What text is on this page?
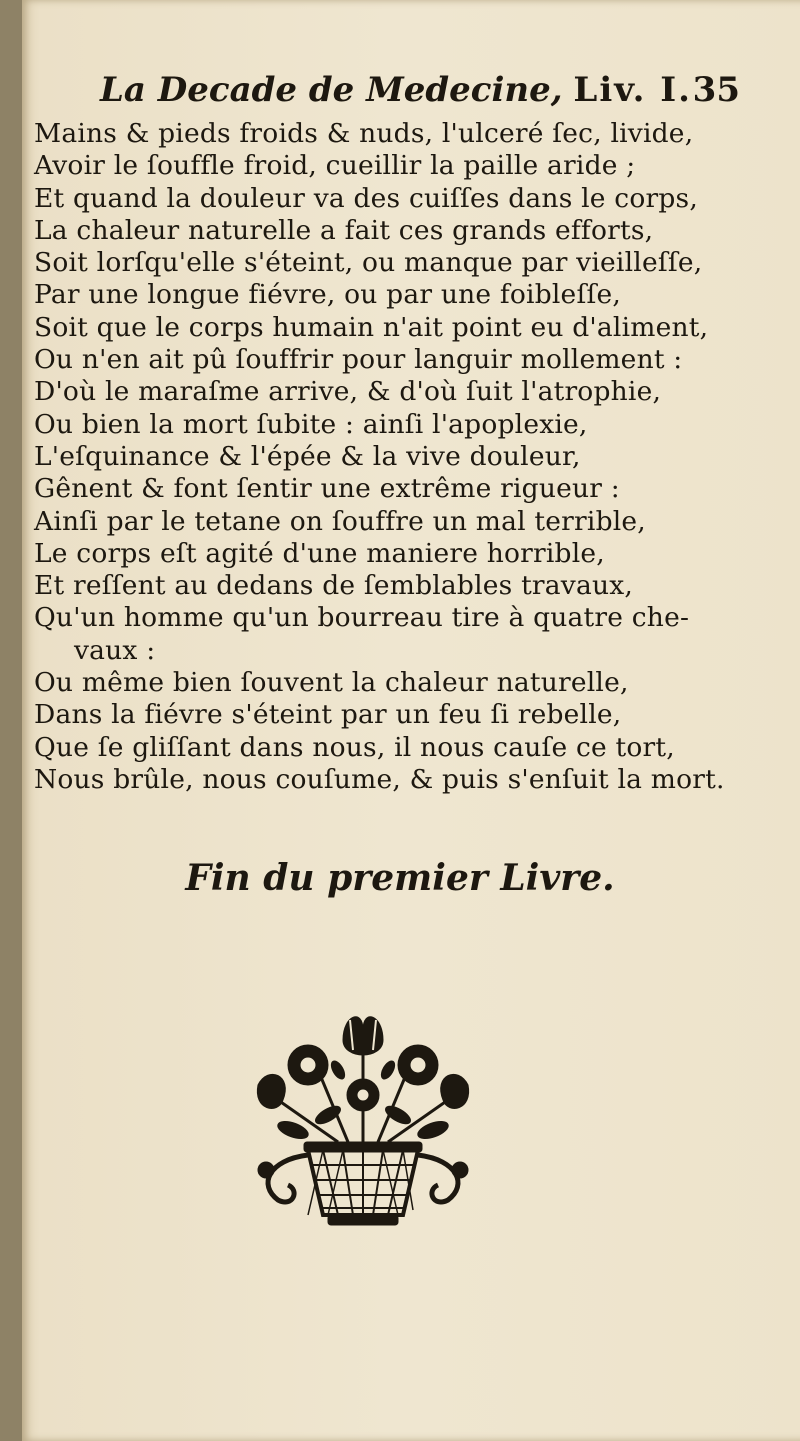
La Decade de Medecine, Liv. I. 35
Mains & pieds froids & nuds, l'ulceré ſec, livide,
Avoir le ſouffle froid, cueillir la paille aride ;
Et quand la douleur va des cuiſſes dans le corps,
La chaleur naturelle a fait ces grands efforts,
Soit lorſqu'elle s'éteint, ou manque par vieilleſſe,
Par une longue fiévre, ou par une foibleſſe,
Soit que le corps humain n'ait point eu d'aliment,
Ou n'en ait pû ſouffrir pour languir mollement :
D'où le maraſme arrive, & d'où ſuit l'atrophie,
Ou bien la mort ſubite : ainſi l'apoplexie,
L'eſquinance & l'épée & la vive douleur,
Gênent & font ſentir une extrême rigueur :
Ainſi par le tetane on ſouffre un mal terrible,
Le corps eſt agité d'une maniere horrible,
Et reſſent au dedans de ſemblables travaux,
Qu'un homme qu'un bourreau tire à quatre che-
vaux :
Ou même bien ſouvent la chaleur naturelle,
Dans la fiévre s'éteint par un feu ſi rebelle,
Que ſe gliſſant dans nous, il nous cauſe ce tort,
Nous brûle, nous couſume, & puis s'enſuit la mort.
Fin du premier Livre.
